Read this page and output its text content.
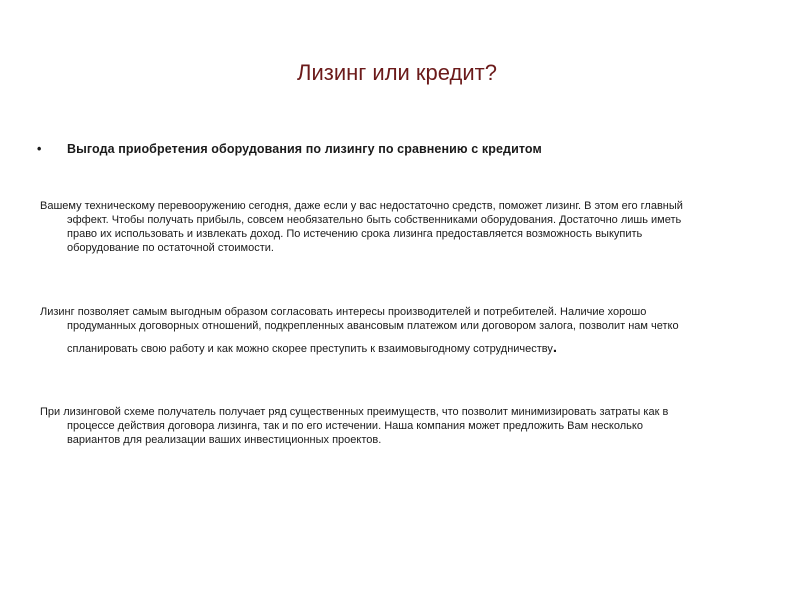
Лизинг или кредит?
• Выгода приобретения оборудования по лизингу по сравнению с кредитом

Вашему техническому перевооружению сегодня, даже если у вас недостаточно средств, поможет лизинг. В этом его главный
эффект. Чтобы получать прибыль, совсем необязательно быть собственниками оборудования. Достаточно лишь иметь
право их использовать и извлекать доход. По истечению срока лизинга предоставляется возможность выкупить
оборудование по остаточной стоимости.

Лизинг позволяет самым выгодным образом согласовать интересы производителей и потребителей. Наличие хорошо
продуманных договорных отношений, подкрепленных авансовым платежом или договором залога, позволит нам четко
спланировать свою работу и как можно скорее преступить к взаимовыгодному сотрудничеству.

При лизинговой схеме получатель получает ряд существенных преимуществ, что позволит минимизировать затраты как в
процессе действия договора лизинга, так и по его истечении. Наша компания может предложить Вам несколько
вариантов для реализации ваших инвестиционных проектов.
